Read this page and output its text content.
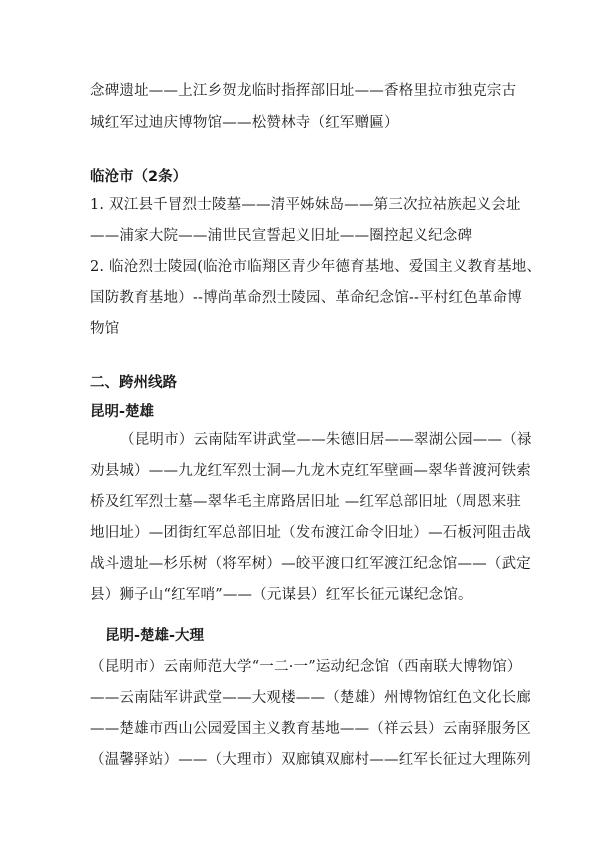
念碑遗址——上江乡贺龙临时指挥部旧址——香格里拉市独克宗古
城红军过迪庆博物馆——松赞林寺（红军赠匾）
临沧市（2条）
1. 双江县千冒烈士陵墓——清平姊妹岛——第三次拉祜族起义会址
——浦家大院——浦世民宣誓起义旧址——圈控起义纪念碑
2. 临沧烈士陵园(临沧市临翔区青少年德育基地、爱国主义教育基地、
国防教育基地）--博尚革命烈士陵园、革命纪念馆--平村红色革命博
物馆
二、跨州线路
昆明-楚雄
（昆明市）云南陆军讲武堂——朱德旧居——翠湖公园——（禄
劝县城）——九龙红军烈士洞—九龙木克红军壁画—翠华普渡河铁索
桥及红军烈士墓—翠华毛主席路居旧址 —红军总部旧址（周恩来驻
地旧址）—团街红军总部旧址（发布渡江命令旧址）—石板河阻击战
战斗遗址—杉乐树（将军树）—皎平渡口红军渡江纪念馆——（武定
县）狮子山“红军哨”——（元谋县）红军长征元谋纪念馆。
昆明-楚雄-大理
（昆明市）云南师范大学“一二·一”运动纪念馆（西南联大博物馆）
——云南陆军讲武堂——大观楼——（楚雄）州博物馆红色文化长廊
——楚雄市西山公园爱国主义教育基地——（祥云县）云南驿服务区
（温馨驿站）——（大理市）双廊镇双廊村——红军长征过大理陈列
